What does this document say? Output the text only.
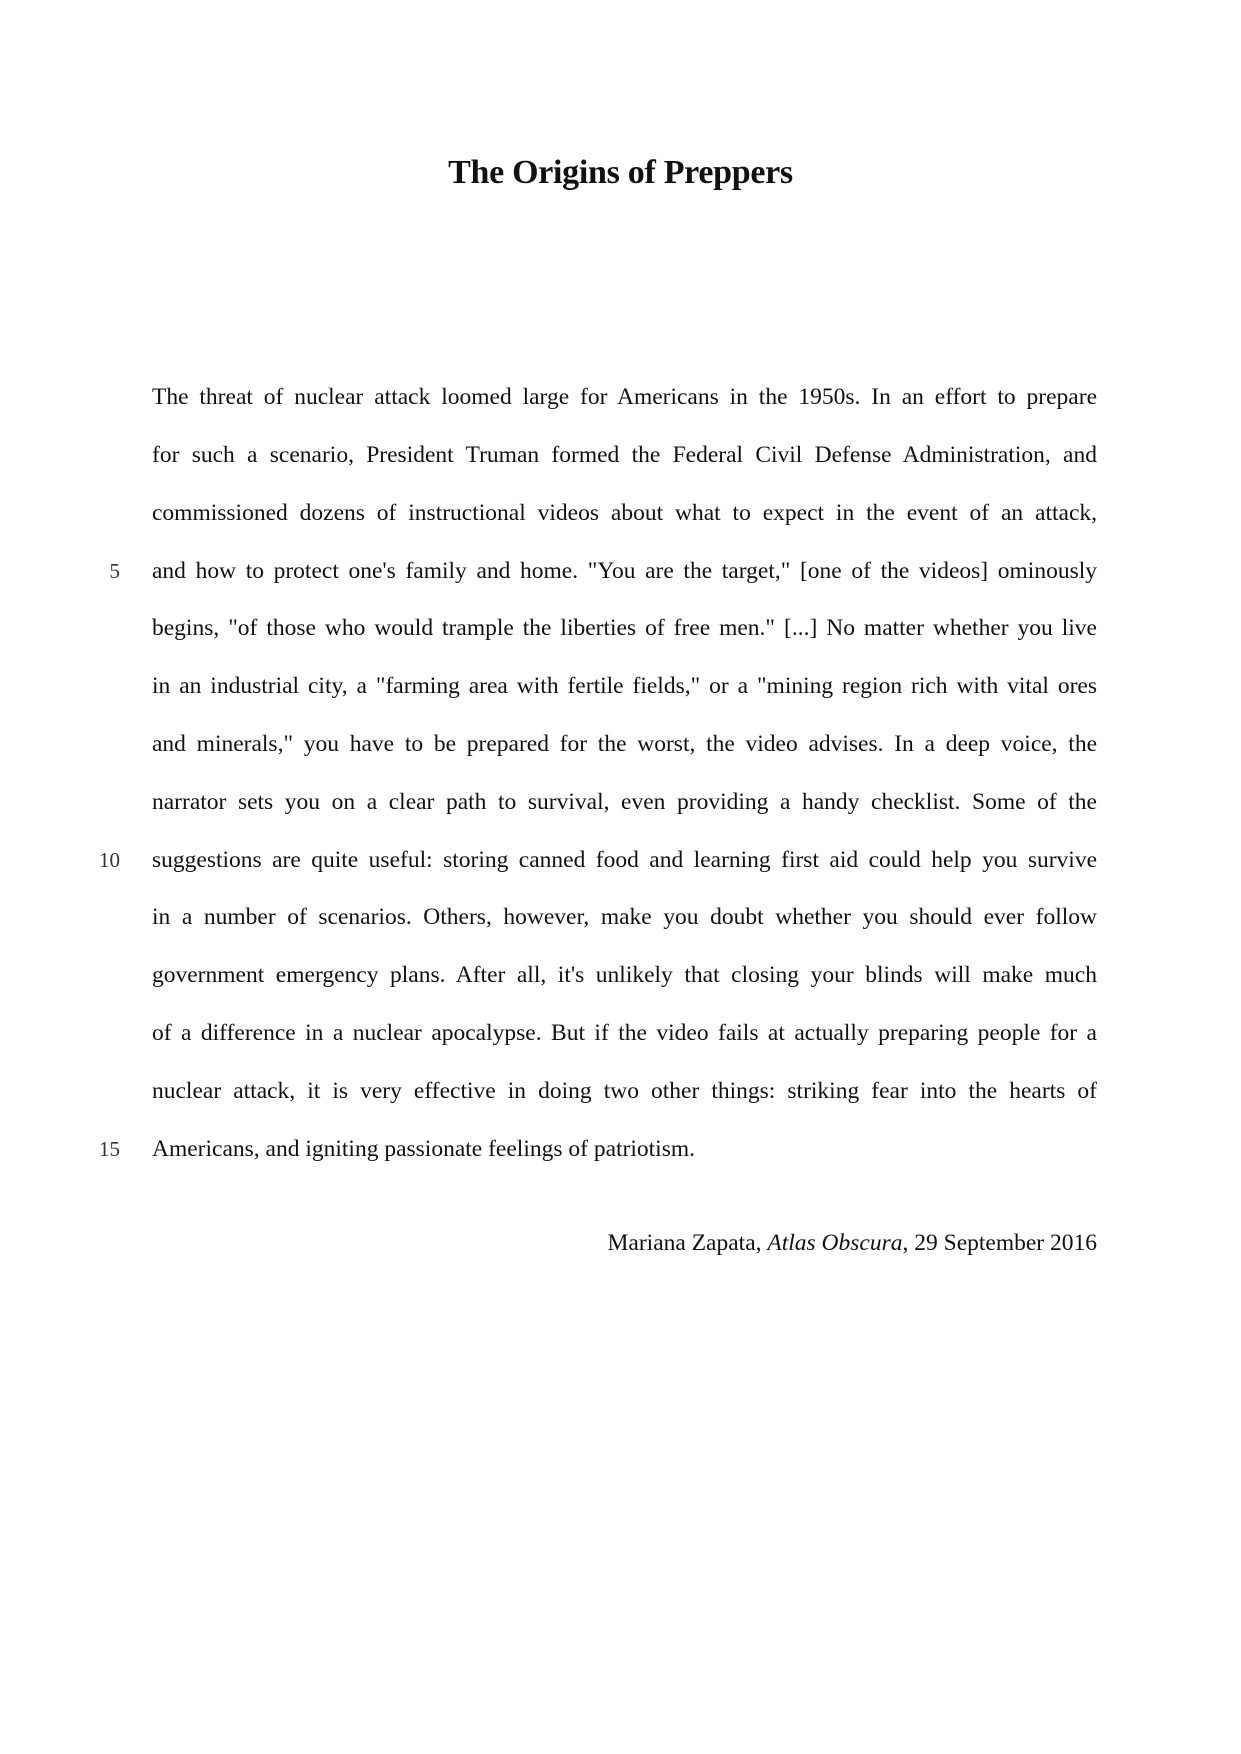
The Origins of Preppers
The threat of nuclear attack loomed large for Americans in the 1950s. In an effort to prepare
for such a scenario, President Truman formed the Federal Civil Defense Administration, and
commissioned dozens of instructional videos about what to expect in the event of an attack,
5 and how to protect one's family and home. "You are the target," [one of the videos] ominously
begins, "of those who would trample the liberties of free men." [...] No matter whether you live
in an industrial city, a "farming area with fertile fields," or a "mining region rich with vital ores
and minerals," you have to be prepared for the worst, the video advises. In a deep voice, the
narrator sets you on a clear path to survival, even providing a handy checklist. Some of the
10 suggestions are quite useful: storing canned food and learning first aid could help you survive
in a number of scenarios. Others, however, make you doubt whether you should ever follow
government emergency plans. After all, it's unlikely that closing your blinds will make much
of a difference in a nuclear apocalypse. But if the video fails at actually preparing people for a
nuclear attack, it is very effective in doing two other things: striking fear into the hearts of
15 Americans, and igniting passionate feelings of patriotism.
Mariana Zapata, Atlas Obscura, 29 September 2016
